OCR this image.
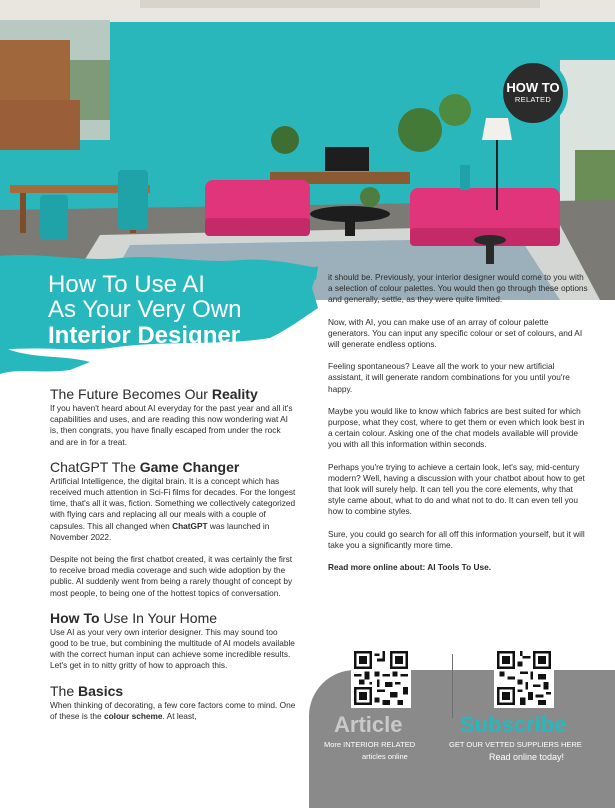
HOW TO
RELATED
How To Use AI
As Your Very Own
Interior Designer
The Future Becomes Our Reality

If you haven't heard about AI everyday for the past year and all it's capabilities and uses, and are reading this now wondering wat AI is, then congrats, you have finally escaped from under the rock and are in for a treat.

ChatGPT The Game Changer

Artificial Intelligence, the digital brain. It is a concept which has received much attention in Sci-Fi films for decades. For the longest time, that's all it was, fiction. Something we collectively categorized with flying cars and replacing all our meals with a couple of capsules. This all changed when ChatGPT was launched in November 2022.

Despite not being the first chatbot created, it was certainly the first to receive broad media coverage and such wide adoption by the public. AI suddenly went from being a rarely thought of concept by most people, to being one of the hottest topics of conversation.

How To Use In Your Home

Use AI as your very own interior designer. This may sound too good to be true, but combining the multitude of AI models available with the correct human input can achieve some incredible results. Let's get in to nitty gritty of how to approach this.

The Basics

When thinking of decorating, a few core factors come to mind. One of these is the colour scheme. At least,

it should be. Previously, your interior designer would come to you with a selection of colour palettes. You would then go through these options and generally, settle, as they were quite limited.

Now, with AI, you can make use of an array of colour palette generators. You can input any specific colour or set of colours, and AI will generate endless options.

Feeling spontaneous? Leave all the work to your new artificial assistant, it will generate random combinations for you until you're happy.

Maybe you would like to know which fabrics are best suited for which purpose, what they cost, where to get them or even which look best in a certain colour. Asking one of the chat models available will provide you with all this information within seconds.

Perhaps you're trying to achieve a certain look, let's say, mid-century modern? Well, having a discussion with your chatbot about how to get that look will surely help. It can tell you the core elements, why that style came about, what to do and what not to do. It can even tell you how to combine styles.

Sure, you could go search for all off this information yourself, but it will take you a significantly more time.

Read more online about: AI Tools To Use.

Article
More INTERIOR RELATED
articles online
Subscribe
GET OUR VETTED SUPPLIERS HERE
Read online today!
